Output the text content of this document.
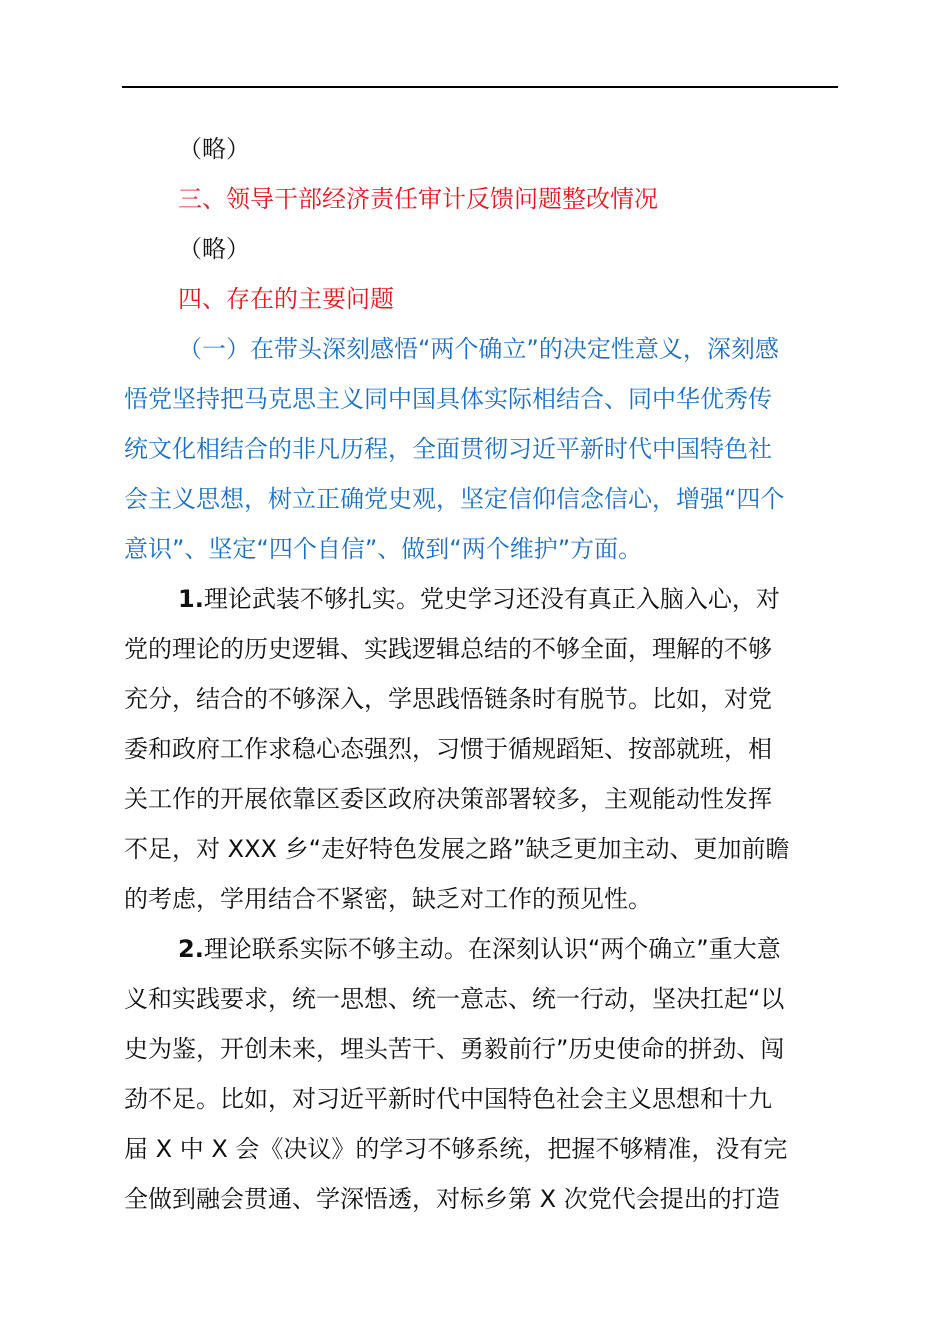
（略）
三、领导干部经济责任审计反馈问题整改情况
（略）
四、存在的主要问题
（一）在带头深刻感悟“两个确立”的决定性意义，深刻感
悟党坚持把马克思主义同中国具体实际相结合、同中华优秀传
统文化相结合的非凡历程，全面贯彻习近平新时代中国特色社
会主义思想，树立正确党史观，坚定信仰信念信心，增强“四个
意识”、坚定“四个自信”、做到“两个维护”方面。
1.理论武装不够扎实。党史学习还没有真正入脑入心，对
党的理论的历史逻辑、实践逻辑总结的不够全面，理解的不够
充分，结合的不够深入，学思践悟链条时有脱节。比如，对党
委和政府工作求稳心态强烈，习惯于循规蹈矩、按部就班，相
关工作的开展依靠区委区政府决策部署较多，主观能动性发挥
不足，对 XXX 乡“走好特色发展之路”缺乏更加主动、更加前瞻
的考虑，学用结合不紧密，缺乏对工作的预见性。
2.理论联系实际不够主动。在深刻认识“两个确立”重大意
义和实践要求，统一思想、统一意志、统一行动，坚决扛起“以
史为鉴，开创未来，埋头苦干、勇毅前行”历史使命的拼劲、闯
劲不足。比如，对习近平新时代中国特色社会主义思想和十九
届 X 中 X 会《决议》的学习不够系统，把握不够精准，没有完
全做到融会贯通、学深悟透，对标乡第 X 次党代会提出的打造
